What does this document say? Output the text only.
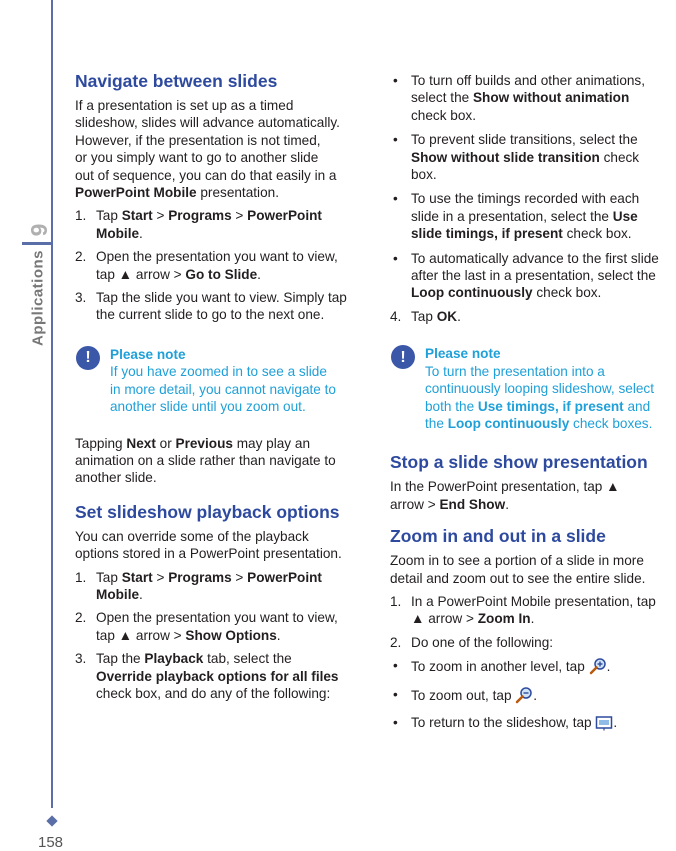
9
Applications
158
Navigate between slides

If a presentation is set up as a timed
slideshow, slides will advance automatically.
However, if the presentation is not timed,
or you simply want to go to another slide
out of sequence, you can do that easily in a
PowerPoint Mobile presentation.

1. Tap Start > Programs > PowerPoint
Mobile.
2. Open the presentation you want to view,
tap ▲ arrow > Go to Slide.
3. Tap the slide you want to view. Simply tap
the current slide to go to the next one.
!	Please note
If you have zoomed in to see a slide
in more detail, you cannot navigate to
another slide until you zoom out.

Tapping Next or Previous may play an
animation on a slide rather than navigate to
another slide.

Set slideshow playback options

You can override some of the playback
options stored in a PowerPoint presentation.

1. Tap Start > Programs > PowerPoint
Mobile.
2. Open the presentation you want to view,
tap ▲ arrow > Show Options.
3. Tap the Playback tab, select the
Override playback options for all files
check box, and do any of the following:
• To turn off builds and other animations,
select the Show without animation
check box.
• To prevent slide transitions, select the
Show without slide transition check
box.
• To use the timings recorded with each
slide in a presentation, select the Use
slide timings, if present check box.
• To automatically advance to the first slide
after the last in a presentation, select the
Loop continuously check box.
4. Tap OK.
!	Please note
To turn the presentation into a
continuously looping slideshow, select
both the Use timings, if present and
the Loop continuously check boxes.
Stop a slide show presentation

In the PowerPoint presentation, tap ▲
arrow > End Show.

Zoom in and out in a slide

Zoom in to see a portion of a slide in more
detail and zoom out to see the entire slide.

1. In a PowerPoint Mobile presentation, tap
▲ arrow > Zoom In.
2. Do one of the following:
• To zoom in another level, tap .
• To zoom out, tap .
• To return to the slideshow, tap .
